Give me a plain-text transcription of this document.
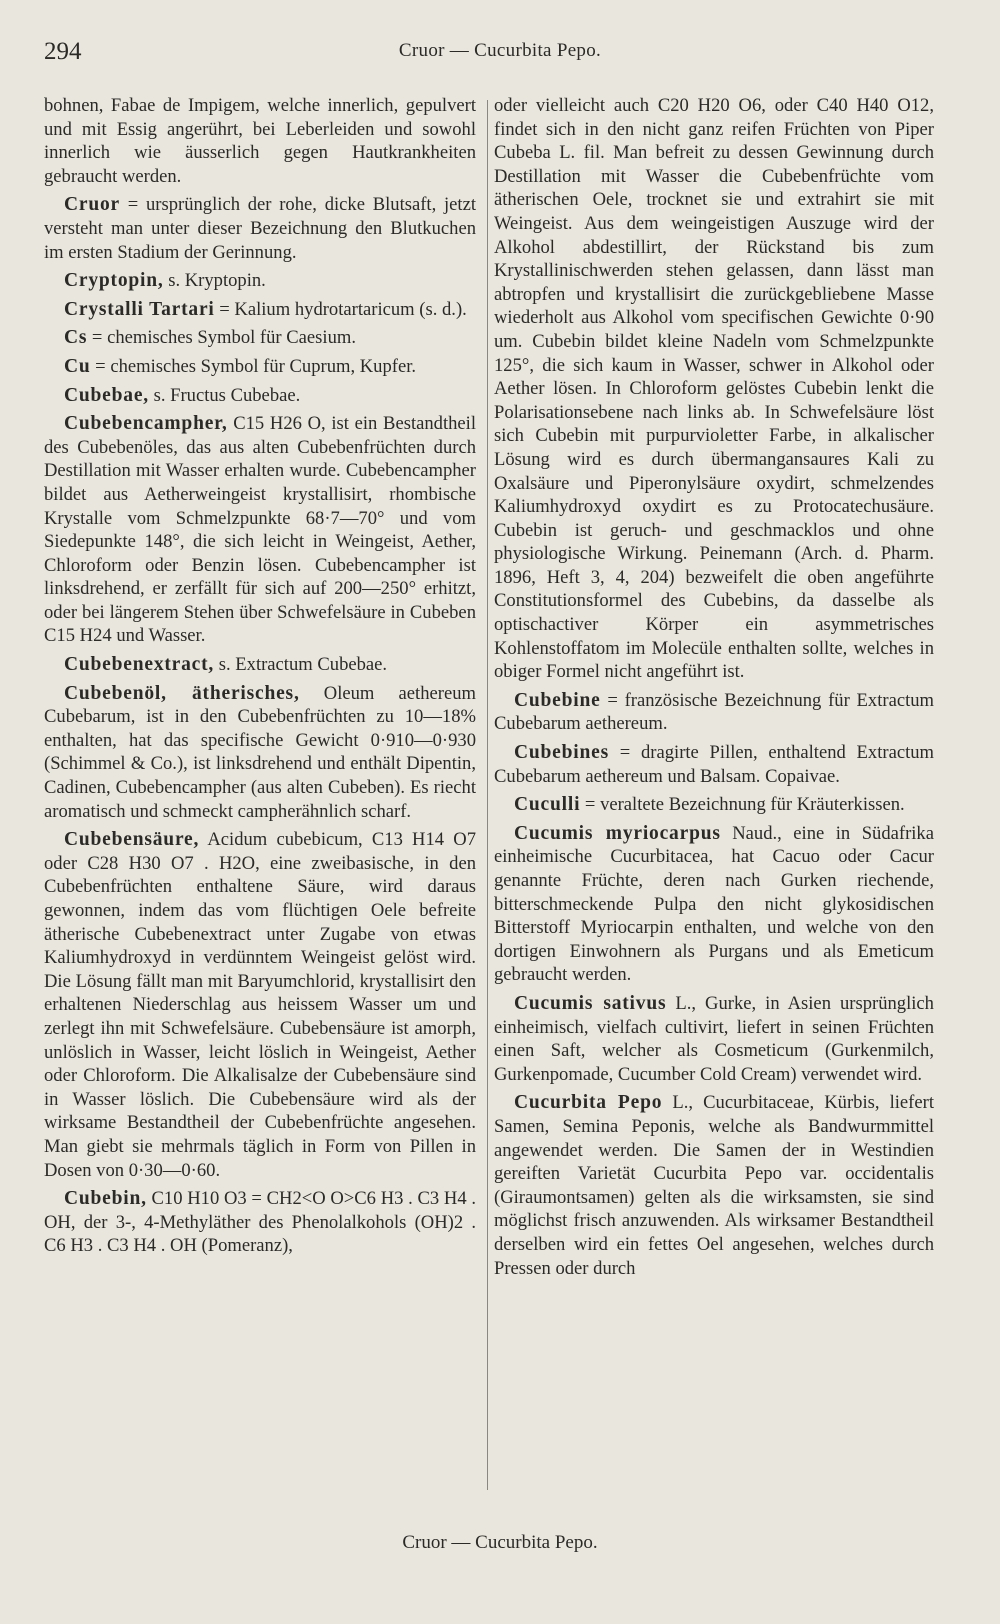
294	Cruor — Cucurbita Pepo.

bohnen, Fabae de Impigem, welche innerlich, gepulvert und mit Essig angerührt, bei Leberleiden und sowohl innerlich wie äusserlich gegen Hautkrankheiten gebraucht werden.

Cruor = ursprünglich der rohe, dicke Blutsaft, jetzt versteht man unter dieser Bezeichnung den Blutkuchen im ersten Stadium der Gerinnung.

Cryptopin, s. Kryptopin.

Crystalli Tartari = Kalium hydrotartaricum (s. d.).

Cs = chemisches Symbol für Caesium.

Cu = chemisches Symbol für Cuprum, Kupfer.

Cubebae, s. Fructus Cubebae.

Cubebencampher, C15 H26 O, ist ein Bestandtheil des Cubebenöles, das aus alten Cubebenfrüchten durch Destillation mit Wasser erhalten wurde. Cubebencampher bildet aus Aetherweingeist krystallisirt, rhombische Krystalle vom Schmelzpunkte 68·7—70° und vom Siedepunkte 148°, die sich leicht in Weingeist, Aether, Chloroform oder Benzin lösen. Cubebencampher ist linksdrehend, er zerfällt für sich auf 200—250° erhitzt, oder bei längerem Stehen über Schwefelsäure in Cubeben C15 H24 und Wasser.

Cubebenextract, s. Extractum Cubebae.

Cubebenöl, ätherisches, Oleum aethereum Cubebarum, ist in den Cubebenfrüchten zu 10—18% enthalten, hat das specifische Gewicht 0·910—0·930 (Schimmel & Co.), ist linksdrehend und enthält Dipentin, Cadinen, Cubebencampher (aus alten Cubeben). Es riecht aromatisch und schmeckt campherähnlich scharf.

Cubebensäure, Acidum cubebicum, C13 H14 O7 oder C28 H30 O7 . H2O, eine zweibasische, in den Cubebenfrüchten enthaltene Säure, wird daraus gewonnen, indem das vom flüchtigen Oele befreite ätherische Cubebenextract unter Zugabe von etwas Kaliumhydroxyd in verdünntem Weingeist gelöst wird. Die Lösung fällt man mit Baryumchlorid, krystallisirt den erhaltenen Niederschlag aus heissem Wasser um und zerlegt ihn mit Schwefelsäure. Cubebensäure ist amorph, unlöslich in Wasser, leicht löslich in Weingeist, Aether oder Chloroform. Die Alkalisalze der Cubebensäure sind in Wasser löslich. Die Cubebensäure wird als der wirksame Bestandtheil der Cubebenfrüchte angesehen. Man giebt sie mehrmals täglich in Form von Pillen in Dosen von 0·30—0·60.

Cubebin, C10 H10 O3 = CH2<O O>C6 H3 . C3 H4 . OH, der 3-, 4-Methyläther des Phenolalkohols (OH)2 . C6 H3 . C3 H4 . OH (Pomeranz),

oder vielleicht auch C20 H20 O6, oder C40 H40 O12, findet sich in den nicht ganz reifen Früchten von Piper Cubeba L. fil. Man befreit zu dessen Gewinnung durch Destillation mit Wasser die Cubebenfrüchte vom ätherischen Oele, trocknet sie und extrahirt sie mit Weingeist. Aus dem weingeistigen Auszuge wird der Alkohol abdestillirt, der Rückstand bis zum Krystallinischwerden stehen gelassen, dann lässt man abtropfen und krystallisirt die zurückgebliebene Masse wiederholt aus Alkohol vom specifischen Gewichte 0·90 um. Cubebin bildet kleine Nadeln vom Schmelzpunkte 125°, die sich kaum in Wasser, schwer in Alkohol oder Aether lösen. In Chloroform gelöstes Cubebin lenkt die Polarisationsebene nach links ab. In Schwefelsäure löst sich Cubebin mit purpurvioletter Farbe, in alkalischer Lösung wird es durch übermangansaures Kali zu Oxalsäure und Piperonylsäure oxydirt, schmelzendes Kaliumhydroxyd oxydirt es zu Protocatechusäure. Cubebin ist geruch- und geschmacklos und ohne physiologische Wirkung. Peinemann (Arch. d. Pharm. 1896, Heft 3, 4, 204) bezweifelt die oben angeführte Constitutionsformel des Cubebins, da dasselbe als optischactiver Körper ein asymmetrisches Kohlenstoffatom im Molecüle enthalten sollte, welches in obiger Formel nicht angeführt ist.

Cubebine = französische Bezeichnung für Extractum Cubebarum aethereum.

Cubebines = dragirte Pillen, enthaltend Extractum Cubebarum aethereum und Balsam. Copaivae.

Cuculli = veraltete Bezeichnung für Kräuterkissen.

Cucumis myriocarpus Naud., eine in Südafrika einheimische Cucurbitacea, hat Cacuo oder Cacur genannte Früchte, deren nach Gurken riechende, bitterschmeckende Pulpa den nicht glykosidischen Bitterstoff Myriocarpin enthalten, und welche von den dortigen Einwohnern als Purgans und als Emeticum gebraucht werden.

Cucumis sativus L., Gurke, in Asien ursprünglich einheimisch, vielfach cultivirt, liefert in seinen Früchten einen Saft, welcher als Cosmeticum (Gurkenmilch, Gurkenpomade, Cucumber Cold Cream) verwendet wird.

Cucurbita Pepo L., Cucurbitaceae, Kürbis, liefert Samen, Semina Peponis, welche als Bandwurmmittel angewendet werden. Die Samen der in Westindien gereiften Varietät Cucurbita Pepo var. occidentalis (Giraumontsamen) gelten als die wirksamsten, sie sind möglichst frisch anzuwenden. Als wirksamer Bestandtheil derselben wird ein fettes Oel angesehen, welches durch Pressen oder durch

Cruor — Cucurbita Pepo.
